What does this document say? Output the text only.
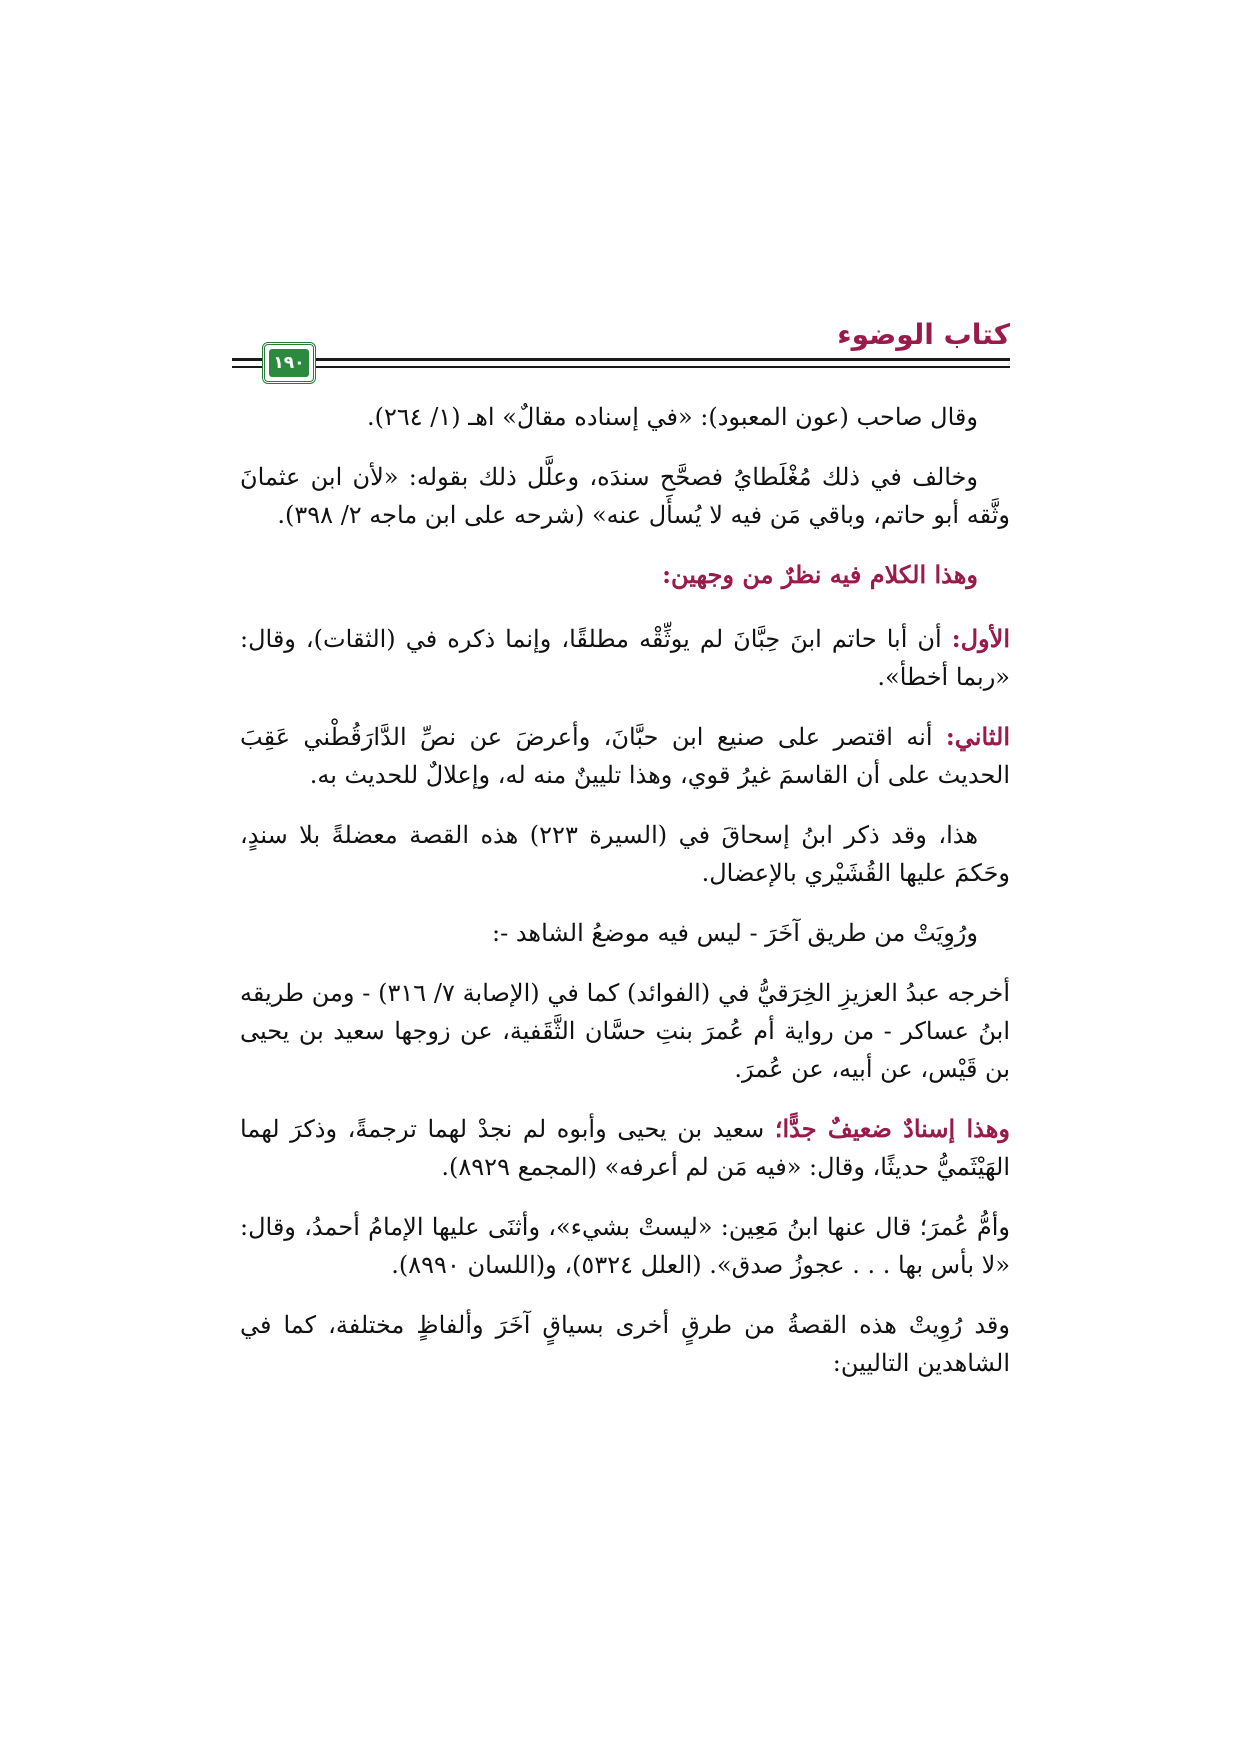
كتاب الوضوء
١٩٠

وقال صاحب (عون المعبود): «في إسناده مقالٌ» اهـ (١/ ٢٦٤).

وخالف في ذلك مُغْلَطايُ فصحَّح سندَه، وعلَّل ذلك بقوله: «لأن ابن عثمانَ وثَّقه أبو حاتم، وباقي مَن فيه لا يُسأَل عنه» (شرحه على ابن ماجه ٢/ ٣٩٨).

وهذا الكلام فيه نظرٌ من وجهين:

الأول: أن أبا حاتم ابنَ حِبَّانَ لم يوثِّقْه مطلقًا، وإنما ذكره في (الثقات)، وقال: «ربما أخطأ».

الثاني: أنه اقتصر على صنيع ابن حبَّانَ، وأعرضَ عن نصِّ الدَّارَقُطْني عَقِبَ الحديث على أن القاسمَ غيرُ قوي، وهذا تليينٌ منه له، وإعلالٌ للحديث به.

هذا، وقد ذكر ابنُ إسحاقَ في (السيرة ٢٢٣) هذه القصة معضلةً بلا سندٍ، وحَكمَ عليها القُشَيْري بالإعضال.

ورُوِيَتْ من طريق آخَرَ - ليس فيه موضعُ الشاهد -:

أخرجه عبدُ العزيزِ الخِرَقيُّ في (الفوائد) كما في (الإصابة ٧/ ٣١٦) - ومن طريقه ابنُ عساكر - من رواية أم عُمرَ بنتِ حسَّان الثَّقَفية، عن زوجها سعيد بن يحيى بن قَيْس، عن أبيه، عن عُمرَ.

وهذا إسنادٌ ضعيفٌ جدًّا؛ سعيد بن يحيى وأبوه لم نجدْ لهما ترجمةً، وذكرَ لهما الهَيْثَميُّ حديثًا، وقال: «فيه مَن لم أعرفه» (المجمع ٨٩٢٩).

وأمُّ عُمرَ؛ قال عنها ابنُ مَعِين: «ليستْ بشيء»، وأثنَى عليها الإمامُ أحمدُ، وقال: «لا بأس بها . . . عجوزُ صدق». (العلل ٥٣٢٤)، و(اللسان ٨٩٩٠).

وقد رُوِيتْ هذه القصةُ من طرقٍ أخرى بسياقٍ آخَرَ وألفاظٍ مختلفة، كما في الشاهدين التاليين:
